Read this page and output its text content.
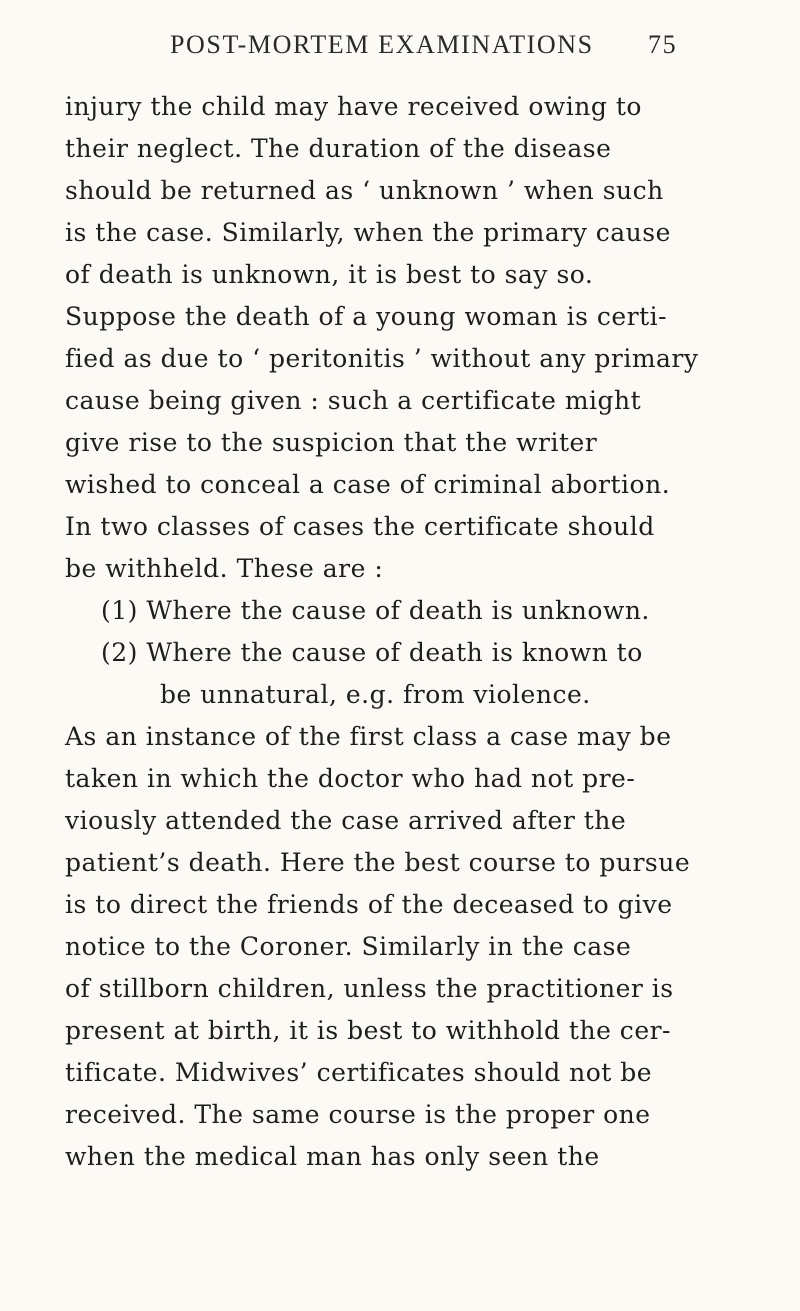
POST-MORTEM EXAMINATIONS 75
injury the child may have received owing to
their neglect. The duration of the disease
should be returned as ‘ unknown ’ when such
is the case. Similarly, when the primary cause
of death is unknown, it is best to say so.
Suppose the death of a young woman is certi-
fied as due to ‘ peritonitis ’ without any primary
cause being given : such a certificate might
give rise to the suspicion that the writer
wished to conceal a case of criminal abortion.
In two classes of cases the certificate should
be withheld. These are :
(1) Where the cause of death is unknown.
(2) Where the cause of death is known to
be unnatural, e.g. from violence.
As an instance of the first class a case may be
taken in which the doctor who had not pre-
viously attended the case arrived after the
patient’s death. Here the best course to pursue
is to direct the friends of the deceased to give
notice to the Coroner. Similarly in the case
of stillborn children, unless the practitioner is
present at birth, it is best to withhold the cer-
tificate. Midwives’ certificates should not be
received. The same course is the proper one
when the medical man has only seen the
